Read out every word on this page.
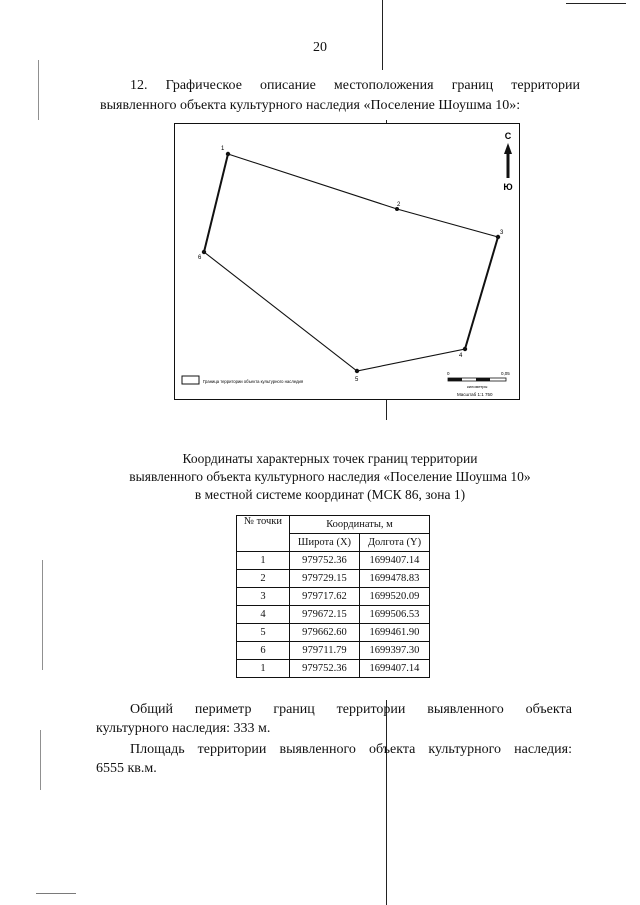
20
12. Графическое описание местоположения границ территории
выявленного объекта культурного наследия «Поселение Шоушма 10»:
1
2
3
4
5
6
С
Ю
Граница территории объекта культурного наследия
0	0,05
километры
Масштаб 1:1 750
Координаты характерных точек границ территории
выявленного объекта культурного наследия «Поселение Шоушма 10»
в местной системе координат (МСК 86, зона 1)
№ точки	Координаты, м	
	Широта (X)	Долгота (Y)
1	979752.36	1699407.14
2	979729.15	1699478.83
3	979717.62	1699520.09
4	979672.15	1699506.53
5	979662.60	1699461.90
6	979711.79	1699397.30
1	979752.36	1699407.14
Общий периметр границ территории выявленного объекта
культурного наследия: 333 м.
Площадь территории выявленного объекта культурного наследия:
6555 кв.м.
